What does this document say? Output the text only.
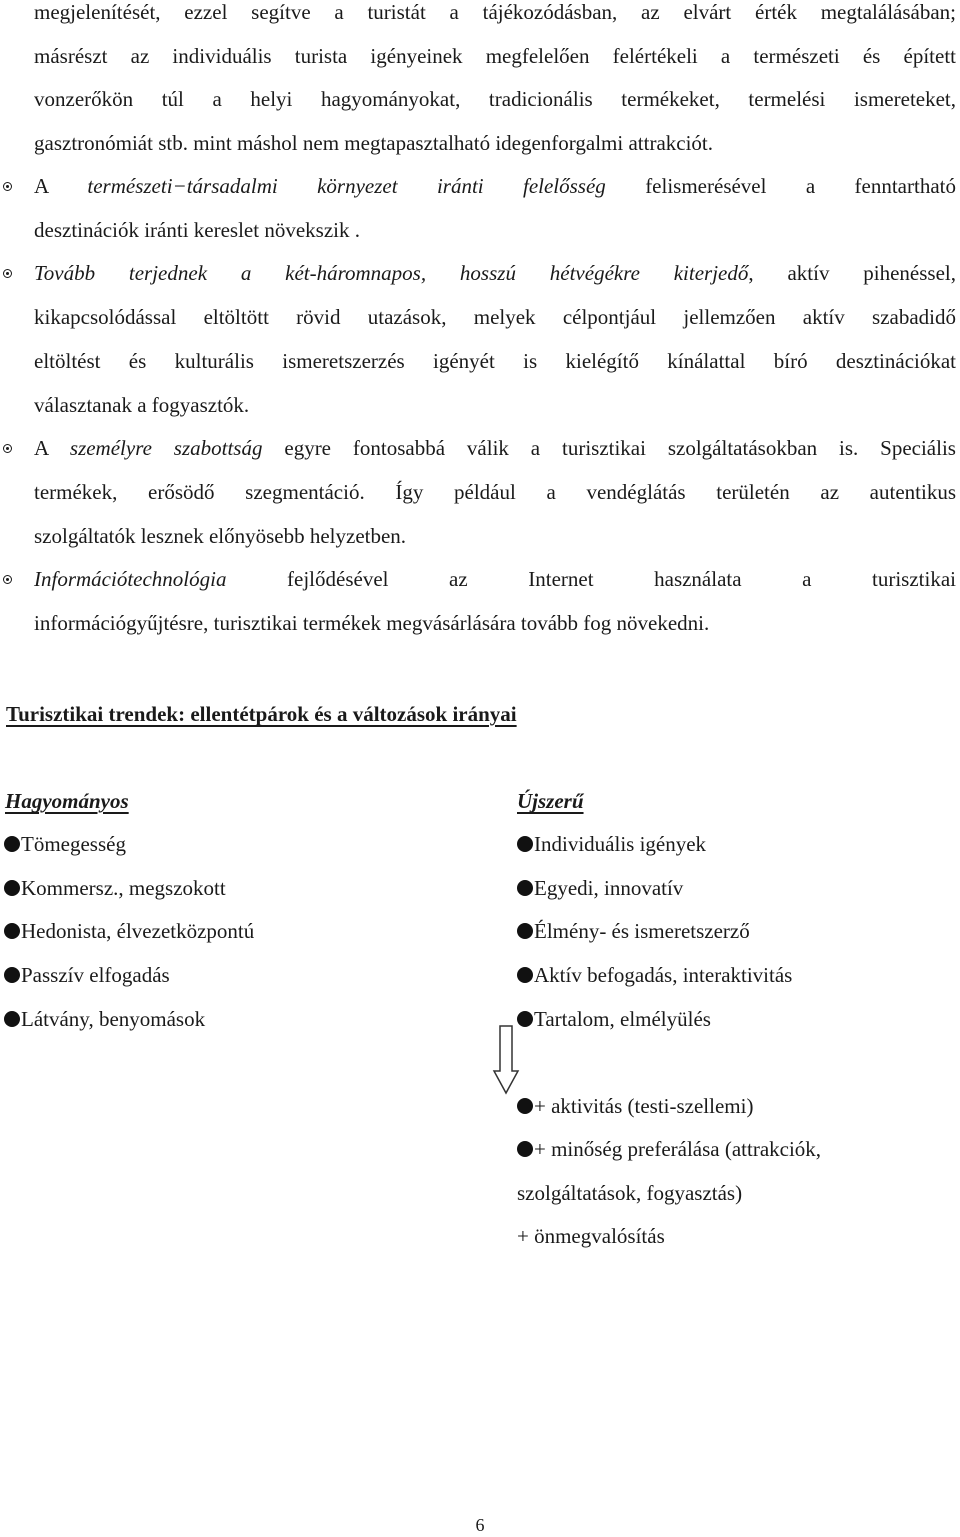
megjelenítését, ezzel segítve a turistát a tájékozódásban, az elvárt érték megtalálásában;
másrészt az individuális turista igényeinek megfelelően felértékeli a természeti és épített
vonzerőkön túl a helyi hagyományokat, tradicionális termékeket, termelési ismereteket,
gasztronómiát stb. mint máshol nem megtapasztalható idegenforgalmi attrakciót.

A természeti−társadalmi környezet iránti felelősség felismerésével a fenntartható
desztinációk iránti kereslet növekszik .
Tovább terjednek a két-háromnapos, hosszú hétvégékre kiterjedő, aktív pihenéssel,
kikapcsolódással eltöltött rövid utazások, melyek célpontjául jellemzően aktív szabadidő
eltöltést és kulturális ismeretszerzés igényét is kielégítő kínálattal bíró desztinációkat
választanak a fogyasztók.
A személyre szabottság egyre fontosabbá válik a turisztikai szolgáltatásokban is. Speciális
termékek, erősödő szegmentáció. Így például a vendéglátás területén az autentikus
szolgáltatók lesznek előnyösebb helyzetben.
Információtechnológia fejlődésével az Internet használata a turisztikai
információgyűjtésre, turisztikai termékek megvásárlására tovább fog növekedni.
Turisztikai trendek: ellentétpárok és a változások irányai
Hagyományos
Tömegesség
Kommersz., megszokott
Hedonista, élvezetközpontú
Passzív elfogadás
Látvány, benyomások
Újszerű
Individuális igények
Egyedi, innovatív
Élmény- és ismeretszerző
Aktív befogadás, interaktivitás
Tartalom, elmélyülés
+ aktivitás (testi-szellemi)
+ minőség preferálása (attrakciók,
szolgáltatások, fogyasztás)
+ önmegvalósítás
6
